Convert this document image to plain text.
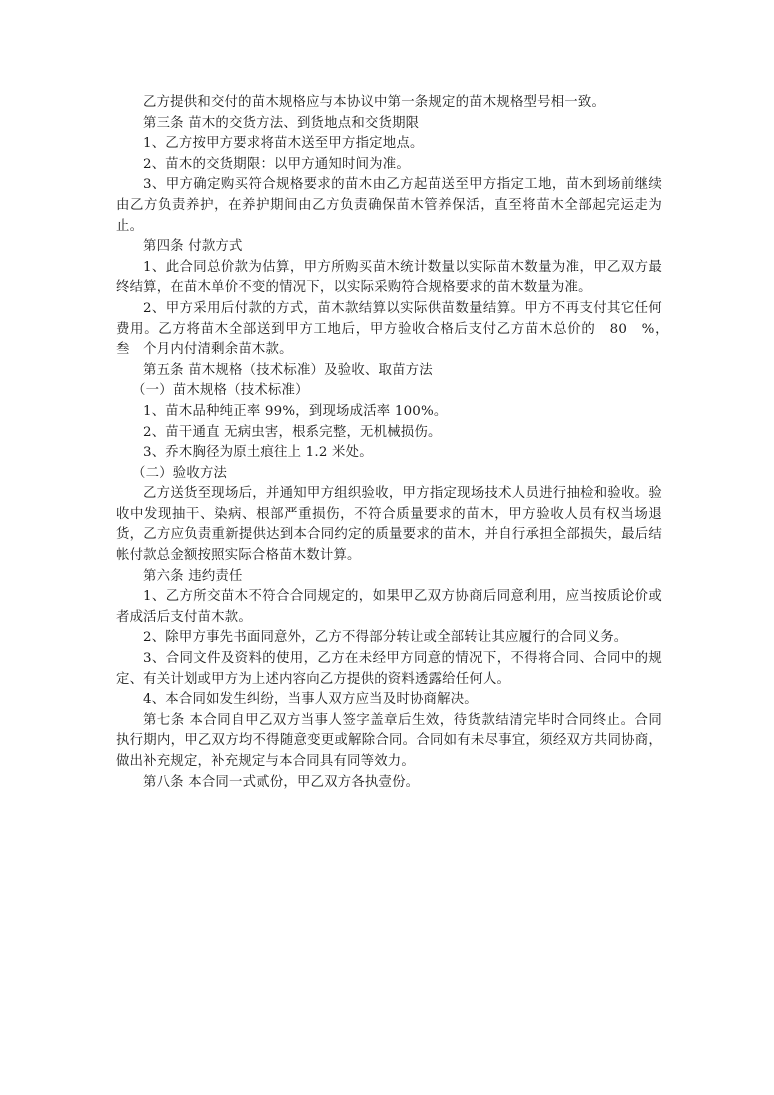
乙方提供和交付的苗木规格应与本协议中第一条规定的苗木规格型号相一致。

第三条 苗木的交货方法、到货地点和交货期限

1、乙方按甲方要求将苗木送至甲方指定地点。

2、苗木的交货期限：以甲方通知时间为准。

3、甲方确定购买符合规格要求的苗木由乙方起苗送至甲方指定工地，苗木到场前继续由乙方负责养护，在养护期间由乙方负责确保苗木管养保活，直至将苗木全部起完运走为止。

第四条 付款方式

1、此合同总价款为估算，甲方所购买苗木统计数量以实际苗木数量为准，甲乙双方最终结算，在苗木单价不变的情况下，以实际采购符合规格要求的苗木数量为准。

2、甲方采用后付款的方式，苗木款结算以实际供苗数量结算。甲方不再支付其它任何费用。乙方将苗木全部送到甲方工地后，甲方验收合格后支付乙方苗木总价的　80　%，　叁　个月内付清剩余苗木款。

第五条 苗木规格（技术标准）及验收、取苗方法

（一）苗木规格（技术标准）

1、苗木品种纯正率 99%，到现场成活率 100%。

2、苗干通直 无病虫害，根系完整，无机械损伤。

3、乔木胸径为原土痕往上 1.2 米处。

（二）验收方法

乙方送货至现场后，并通知甲方组织验收，甲方指定现场技术人员进行抽检和验收。验收中发现抽干、染病、根部严重损伤，不符合质量要求的苗木，甲方验收人员有权当场退货，乙方应负责重新提供达到本合同约定的质量要求的苗木，并自行承担全部损失，最后结帐付款总金额按照实际合格苗木数计算。

第六条 违约责任

1、乙方所交苗木不符合合同规定的，如果甲乙双方协商后同意利用，应当按质论价或者成活后支付苗木款。

2、除甲方事先书面同意外，乙方不得部分转让或全部转让其应履行的合同义务。

3、合同文件及资料的使用，乙方在未经甲方同意的情况下，不得将合同、合同中的规定、有关计划或甲方为上述内容向乙方提供的资料透露给任何人。

4、本合同如发生纠纷，当事人双方应当及时协商解决。

第七条 本合同自甲乙双方当事人签字盖章后生效，待货款结清完毕时合同终止。合同执行期内，甲乙双方均不得随意变更或解除合同。合同如有未尽事宜，须经双方共同协商，做出补充规定，补充规定与本合同具有同等效力。

第八条 本合同一式贰份，甲乙双方各执壹份。
